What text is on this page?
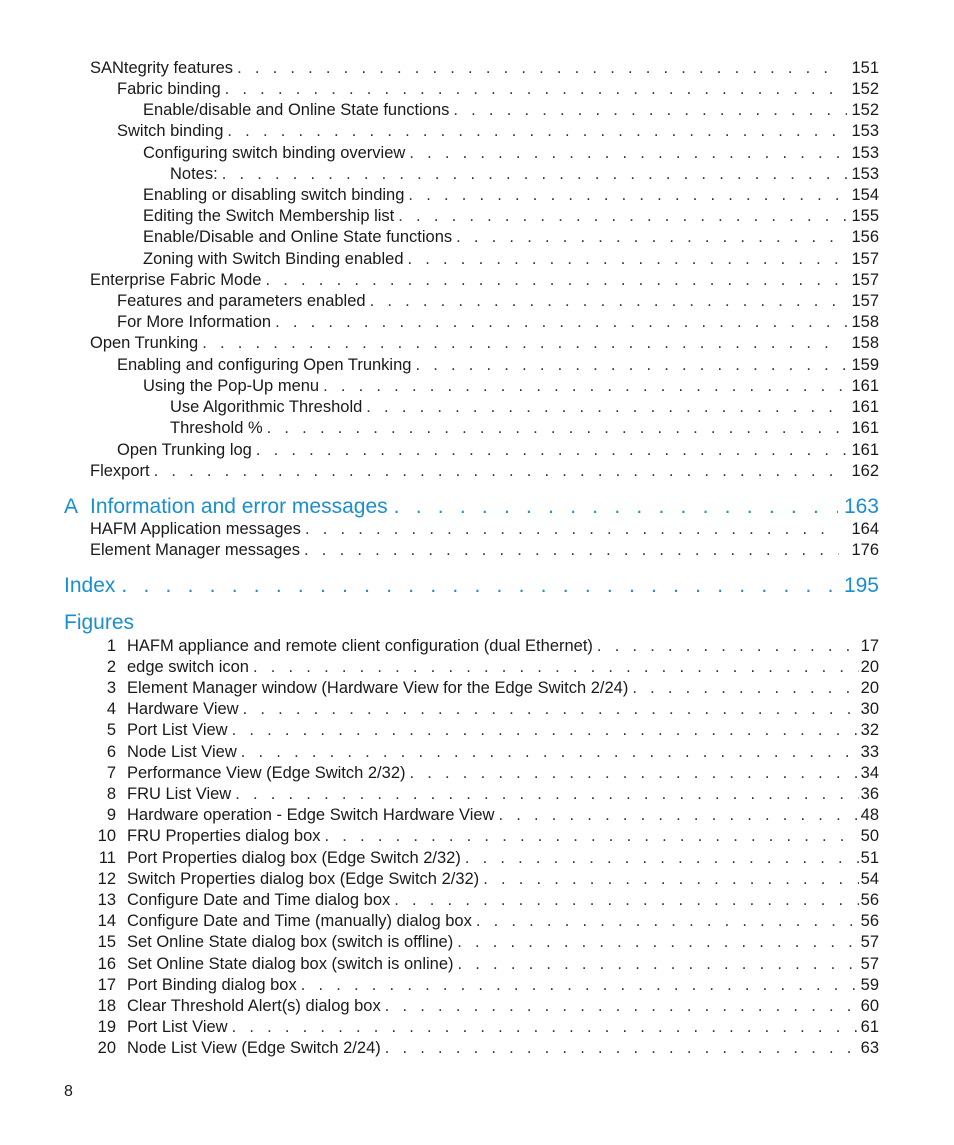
SANtegrity features . . .	151
Fabric binding . . .	152
Enable/disable and Online State functions . . .	152
Switch binding . . .	153
Configuring switch binding overview . . .	153
Notes: . . .	153
Enabling or disabling switch binding . . .	154
Editing the Switch Membership list . . .	155
Enable/Disable and Online State functions . . .	156
Zoning with Switch Binding enabled . . .	157
Enterprise Fabric Mode . . .	157
Features and parameters enabled . . .	157
For More Information . . .	158
Open Trunking . . .	158
Enabling and configuring Open Trunking . . .	159
Using the Pop-Up menu . . .	161
Use Algorithmic Threshold . . .	161
Threshold % . . .	161
Open Trunking log . . .	161
Flexport . . .	162
A Information and error messages . . .	163
HAFM Application messages . . .	164
Element Manager messages . . .	176
Index . . .	195
Figures
1 HAFM appliance and remote client configuration (dual Ethernet) . . .	17
2 edge switch icon . . .	20
3 Element Manager window (Hardware View for the Edge Switch 2/24) . . .	20
4 Hardware View . . .	30
5 Port List View . . .	32
6 Node List View . . .	33
7 Performance View (Edge Switch 2/32) . . .	34
8 FRU List View . . .	36
9 Hardware operation - Edge Switch Hardware View . . .	48
10 FRU Properties dialog box . . .	50
11 Port Properties dialog box (Edge Switch 2/32) . . .	51
12 Switch Properties dialog box (Edge Switch 2/32) . . .	54
13 Configure Date and Time dialog box . . .	56
14 Configure Date and Time (manually) dialog box . . .	56
15 Set Online State dialog box (switch is offline) . . .	57
16 Set Online State dialog box (switch is online) . . .	57
17 Port Binding dialog box . . .	59
18 Clear Threshold Alert(s) dialog box . . .	60
19 Port List View . . .	61
20 Node List View (Edge Switch 2/24) . . .	63
8
